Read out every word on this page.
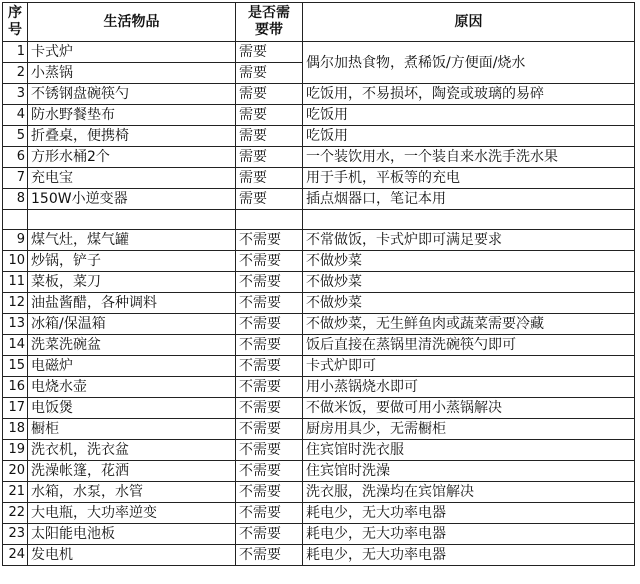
序号	生活物品	是否需要带	原因
1	卡式炉	需要	偶尔加热食物，煮稀饭/方便面/烧水
2	小蒸锅	需要	
3	不锈钢盘碗筷勺	需要	吃饭用，不易损坏，陶瓷或玻璃的易碎
4	防水野餐垫布	需要	吃饭用
5	折叠桌，便携椅	需要	吃饭用
6	方形水桶2个	需要	一个装饮用水，一个装自来水洗手洗水果
7	充电宝	需要	用于手机，平板等的充电
8	150W小逆变器	需要	插点烟器口，笔记本用

9	煤气灶，煤气罐	不需要	不常做饭，卡式炉即可满足要求
10	炒锅，铲子	不需要	不做炒菜
11	菜板，菜刀	不需要	不做炒菜
12	油盐酱醋，各种调料	不需要	不做炒菜
13	冰箱/保温箱	不需要	不做炒菜，无生鲜鱼肉或蔬菜需要冷藏
14	洗菜洗碗盆	不需要	饭后直接在蒸锅里清洗碗筷勺即可
15	电磁炉	不需要	卡式炉即可
16	电烧水壶	不需要	用小蒸锅烧水即可
17	电饭煲	不需要	不做米饭，要做可用小蒸锅解决
18	橱柜	不需要	厨房用具少，无需橱柜
19	洗衣机，洗衣盆	不需要	住宾馆时洗衣服
20	洗澡帐篷，花洒	不需要	住宾馆时洗澡
21	水箱，水泵，水管	不需要	洗衣服，洗澡均在宾馆解决
22	大电瓶，大功率逆变	不需要	耗电少，无大功率电器
23	太阳能电池板	不需要	耗电少，无大功率电器
24	发电机	不需要	耗电少，无大功率电器
